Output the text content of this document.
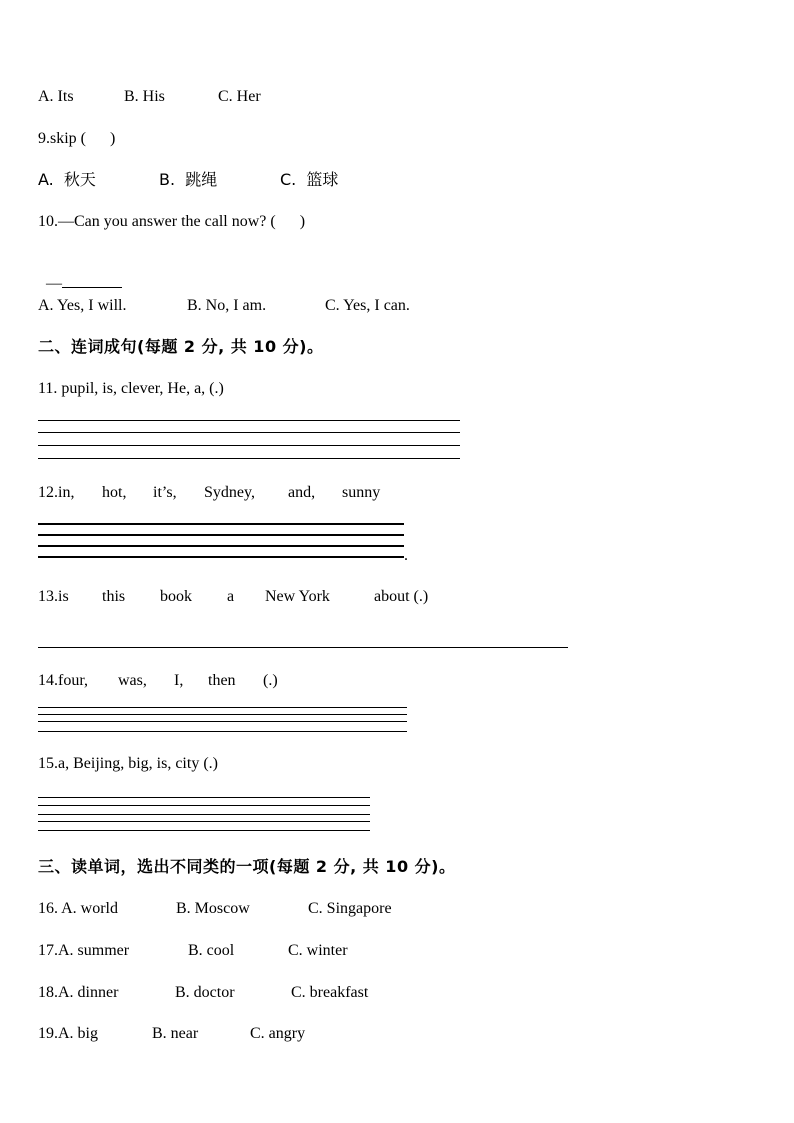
A. Its	B. His	C. Her
9.skip (      )
A.  秋天	B.  跳绳	C.  篮球
10.—Can you answer the call now? (      )

—

A. Yes, I will.	B. No, I am.	C. Yes, I can.
二、连词成句(每题 2 分, 共 10 分)。
11. pupil, is, clever, He, a, (.)
12.in, hot, it’s, Sydney, and, sunny
.
13.is this book a New York	about (.)
14.four, was, I, then (.)
15.a, Beijing, big, is, city (.)
三、读单词，选出不同类的一项(每题 2 分, 共 10 分)。
16. A. world	B. Moscow	C. Singapore
17.A. summer	B. cool	C. winter
18.A. dinner	B. doctor	C. breakfast
19.A. big	B. near	C. angry
